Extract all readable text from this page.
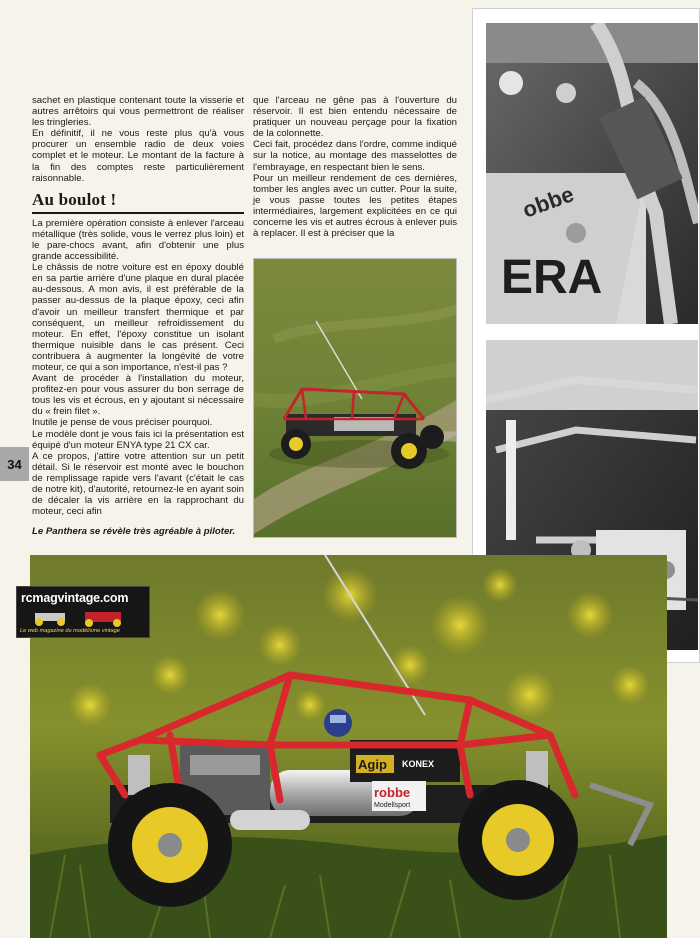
sachet en plastique contenant toute la visserie et autres arrêtoirs qui vous permettront de réaliser les tringleries.

En définitif, il ne vous reste plus qu'à vous procurer un ensemble radio de deux voies complet et le moteur. Le montant de la facture à la fin des comptes reste particulièrement raisonnable.

Au boulot !

La première opération consiste à enlever l'arceau métallique (très solide, vous le verrez plus loin) et le pare-chocs avant, afin d'obtenir une plus grande accessibilité.

Le châssis de notre voiture est en époxy doublé en sa partie arrière d'une plaque en dural placée au-dessous. A mon avis, il est préférable de la passer au-dessus de la plaque époxy, ceci afin d'avoir un meilleur transfert thermique et par conséquent, un meilleur refroidissement du moteur. En effet, l'époxy constitue un isolant thermique nuisible dans le cas présent. Ceci contribuera à augmenter la longévité de votre moteur, ce qui a son importance, n'est-il pas ?

Avant de procéder à l'installation du moteur, profitez-en pour vous assurer du bon serrage de tous les vis et écrous, en y ajoutant si nécessaire du « frein filet ».

Inutile je pense de vous préciser pourquoi.

Le modèle dont je vous fais ici la présentation est équipé d'un moteur ENYA type 21 CX car.

A ce propos, j'attire votre attention sur un petit détail. Si le réservoir est monté avec le bouchon de remplissage rapide vers l'avant (c'était le cas de notre kit), d'autorité, retournez-le en ayant soin de décaler la vis arrière en la rapprochant du moteur, ceci afin

que l'arceau ne gêne pas à l'ouverture du réservoir. Il est bien entendu nécessaire de pratiquer un nouveau perçage pour la fixation de la colonnette.

Ceci fait, procédez dans l'ordre, comme indiqué sur la notice, au montage des masselottes de l'embrayage, en respectant bien le sens.

Pour un meilleur rendement de ces dernières, tomber les angles avec un cutter. Pour la suite, je vous passe toutes les petites étapes intermédiaires, largement explicitées en ce qui concerne les vis et autres écrous à enlever puis à replacer. Il est à préciser que la

34
Le Panthera se révèle très agréable à piloter.
ERA
obbe
Agip KONEX
robbe
Modellsport
rcmagvintage.com
Le web magazine du modélisme vintage
